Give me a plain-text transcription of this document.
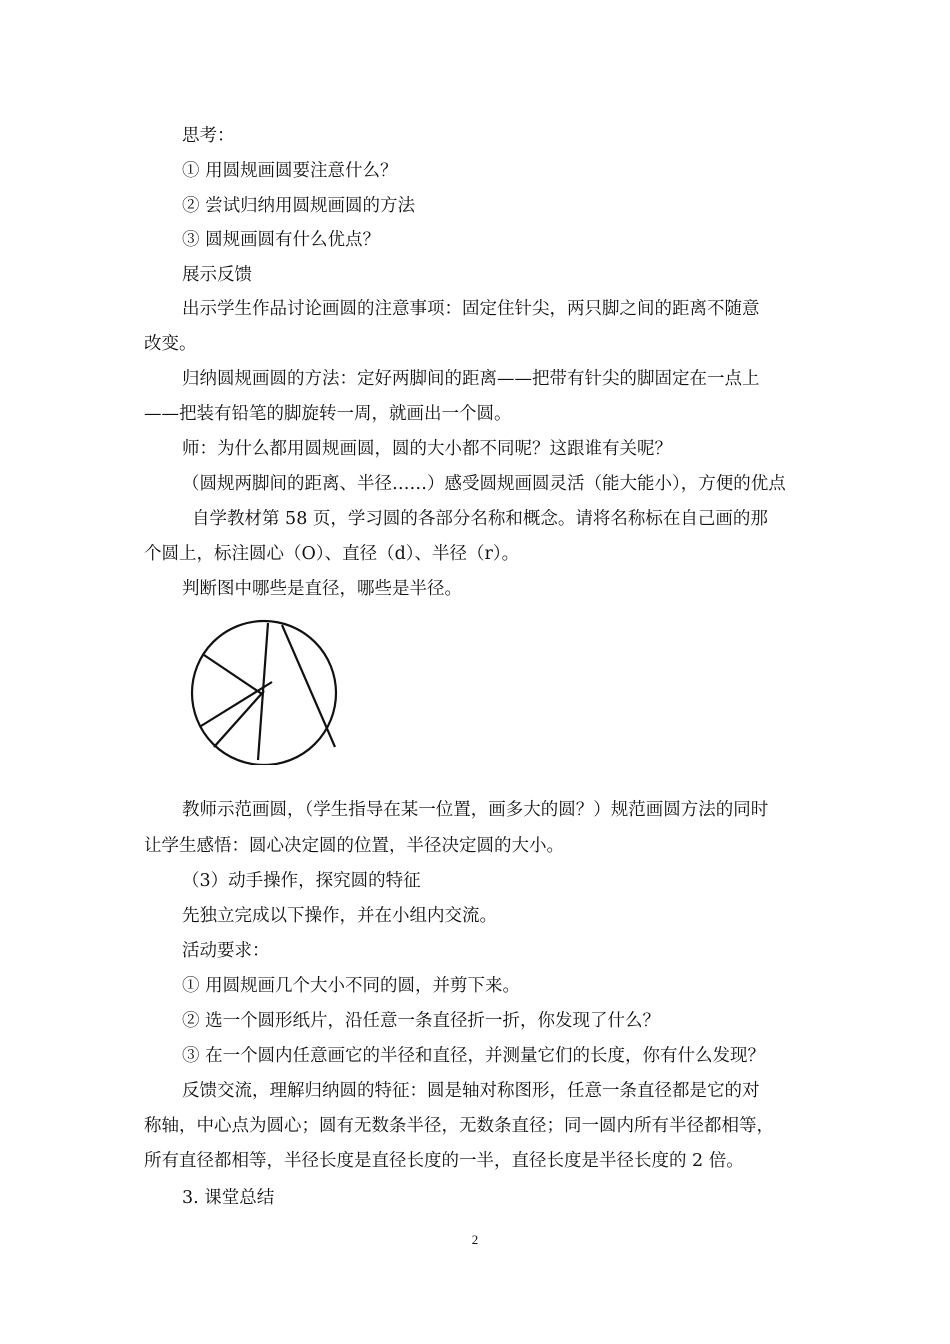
思考：
① 用圆规画圆要注意什么？
② 尝试归纳用圆规画圆的方法
③ 圆规画圆有什么优点？
展示反馈
出示学生作品讨论画圆的注意事项：固定住针尖，两只脚之间的距离不随意
改变。
归纳圆规画圆的方法：定好两脚间的距离——把带有针尖的脚固定在一点上
——把装有铅笔的脚旋转一周，就画出一个圆。
师：为什么都用圆规画圆，圆的大小都不同呢？这跟谁有关呢？
（圆规两脚间的距离、半径……）感受圆规画圆灵活（能大能小），方便的优点
自学教材第 58 页，学习圆的各部分名称和概念。请将名称标在自己画的那
个圆上，标注圆心（O）、直径（d）、半径（r）。
判断图中哪些是直径，哪些是半径。
教师示范画圆，（学生指导在某一位置，画多大的圆？）规范画圆方法的同时
让学生感悟：圆心决定圆的位置，半径决定圆的大小。
（3）动手操作，探究圆的特征
先独立完成以下操作，并在小组内交流。
活动要求：
① 用圆规画几个大小不同的圆，并剪下来。
② 选一个圆形纸片，沿任意一条直径折一折，你发现了什么？
③ 在一个圆内任意画它的半径和直径，并测量它们的长度，你有什么发现？
反馈交流，理解归纳圆的特征：圆是轴对称图形，任意一条直径都是它的对
称轴，中心点为圆心；圆有无数条半径，无数条直径；同一圆内所有半径都相等，
所有直径都相等，半径长度是直径长度的一半，直径长度是半径长度的 2 倍。
3. 课堂总结
2
